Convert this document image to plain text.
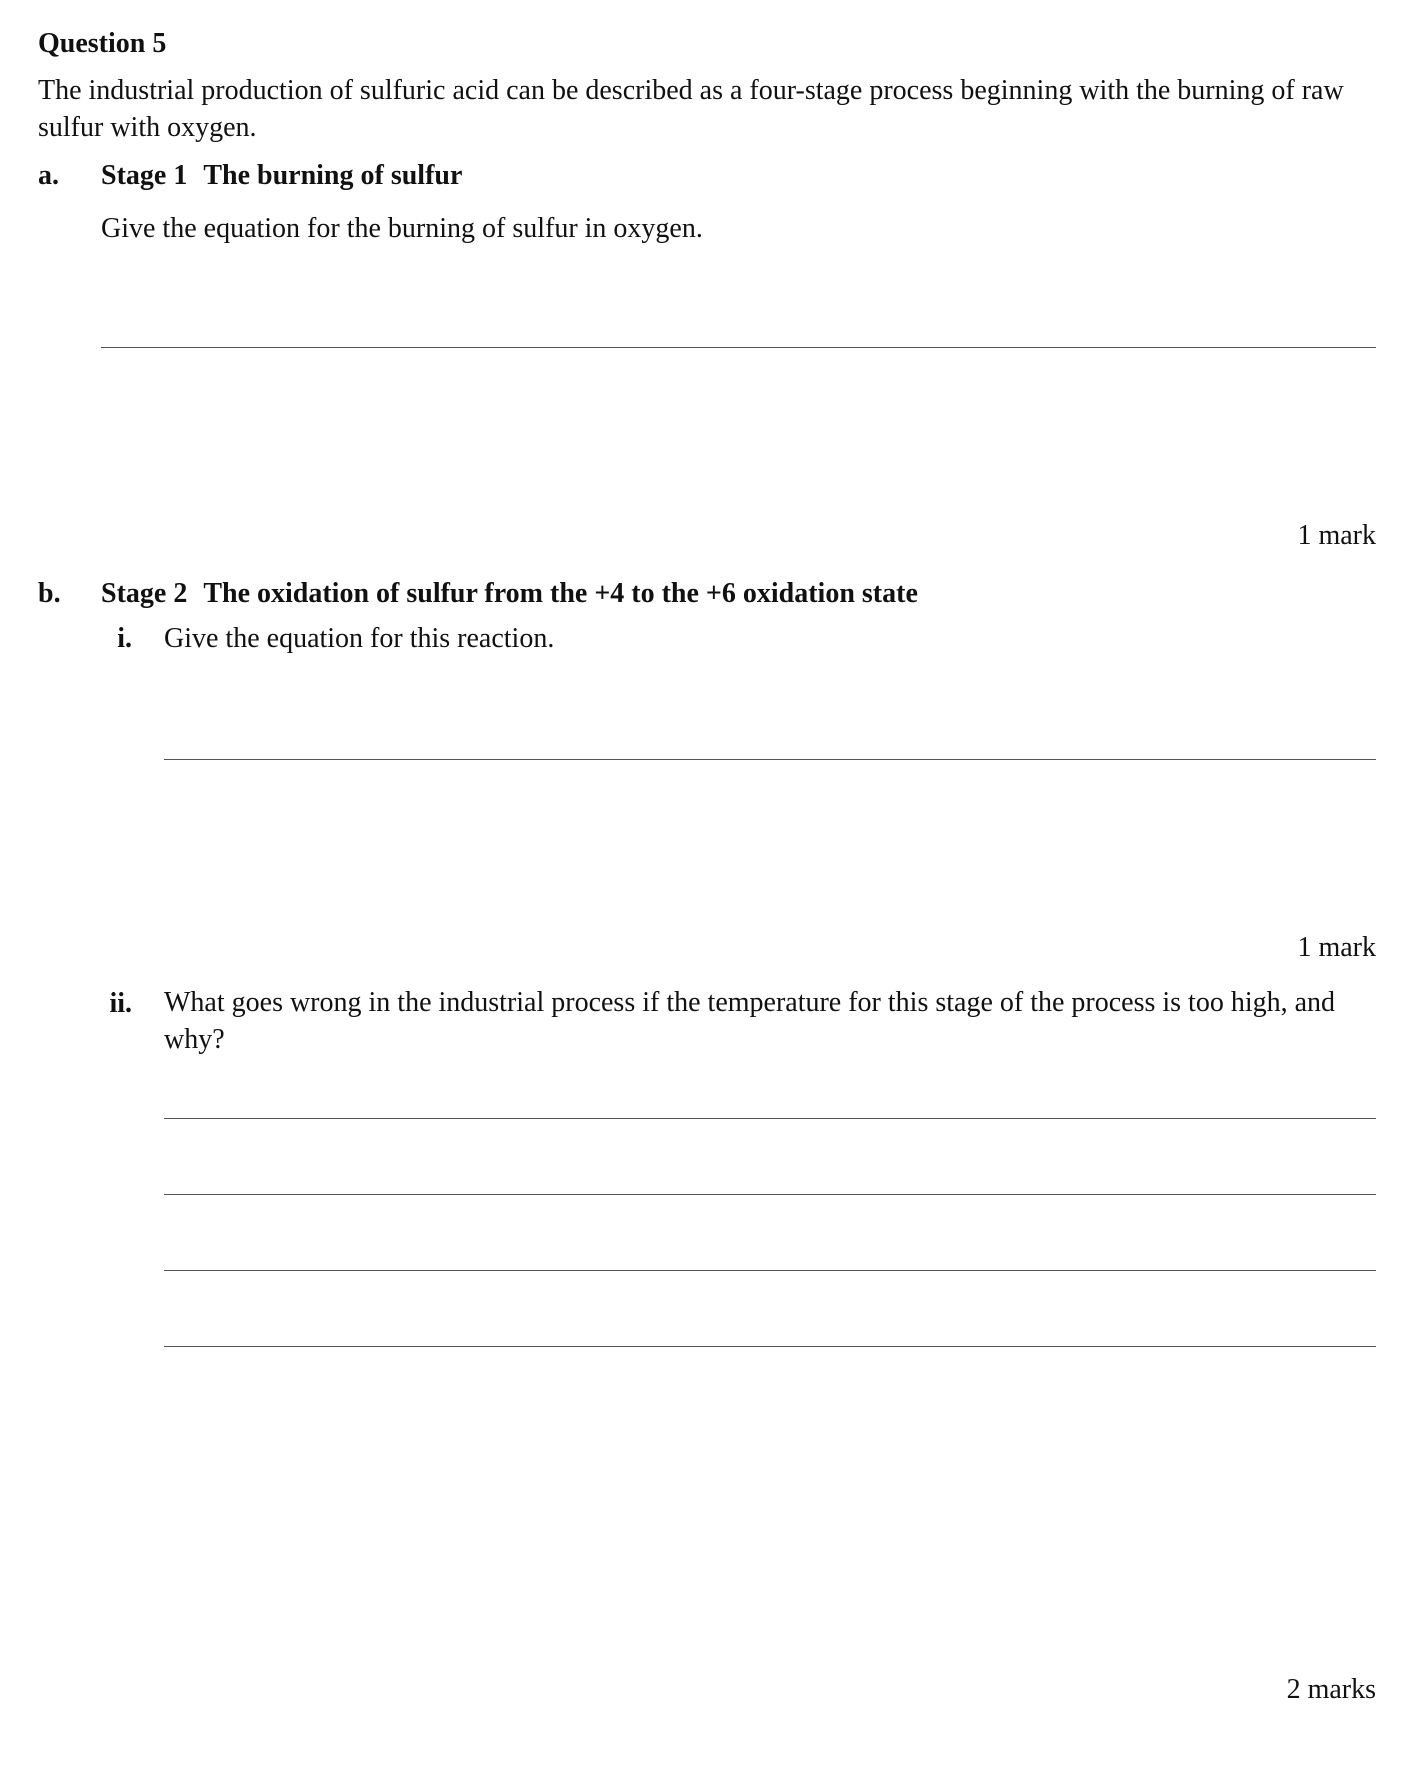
Question 5
The industrial production of sulfuric acid can be described as a four-stage process beginning with the burning of raw sulfur with oxygen.
a. Stage 1 The burning of sulfur
Give the equation for the burning of sulfur in oxygen.
1 mark
b. Stage 2 The oxidation of sulfur from the +4 to the +6 oxidation state
i. Give the equation for this reaction.
1 mark
ii. What goes wrong in the industrial process if the temperature for this stage of the process is too high, and why?
2 marks
